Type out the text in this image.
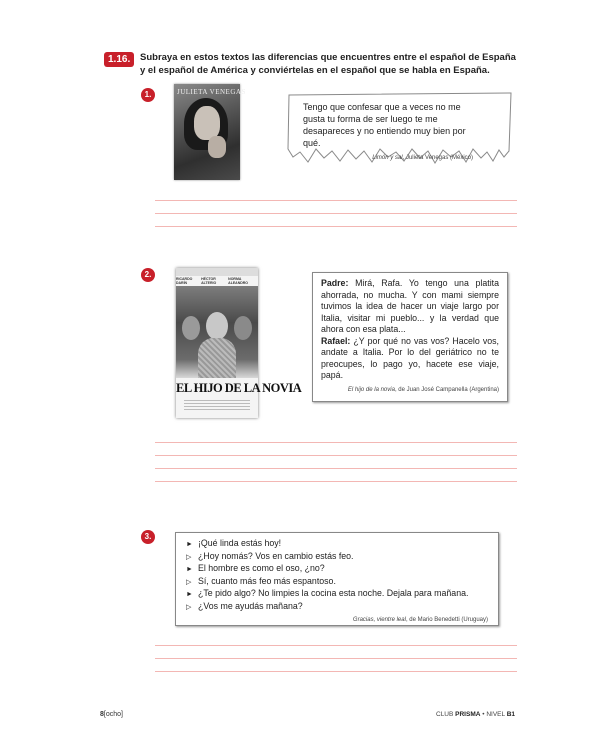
1.16.	Subraya en estos textos las diferencias que encuentres entre el español de España y el español de América y conviértelas en el español que se habla en España.
1.	JULIETA VENEGAS
Tengo que confesar que a veces no me gusta tu forma de ser luego te me desapareces y no entiendo muy bien por qué.
Limón y sal, Julieta Venegas (México)
2.	RICARDO DARÍN
HÉCTOR ALTERIO
NORMA ALEANDRO
EL HIJO DE LA NOVIA

Padre: Mirá, Rafa. Yo tengo una platita ahorrada, no mucha. Y con mami siempre tuvimos la idea de hacer un viaje largo por Italia, visitar mi pueblo... y la verdad que ahora con esa plata...

Rafael: ¿Y por qué no vas vos? Hacelo vos, andate a Italia. Por lo del geriátrico no te preocupes, lo pago yo, hacete ese viaje, papá.

El hijo de la novia, de Juan José Campanella (Argentina)
3.
► ¡Qué linda estás hoy!
▷ ¿Hoy nomás? Vos en cambio estás feo.
► El hombre es como el oso, ¿no?
▷ Sí, cuanto más feo más espantoso.
► ¿Te pido algo? No limpies la cocina esta noche. Dejala para mañana.
▷ ¿Vos me ayudás mañana?
Gracias, vientre leal, de Mario Benedetti (Uruguay)
8[ocho]	CLUB PRISMA • NIVEL B1
